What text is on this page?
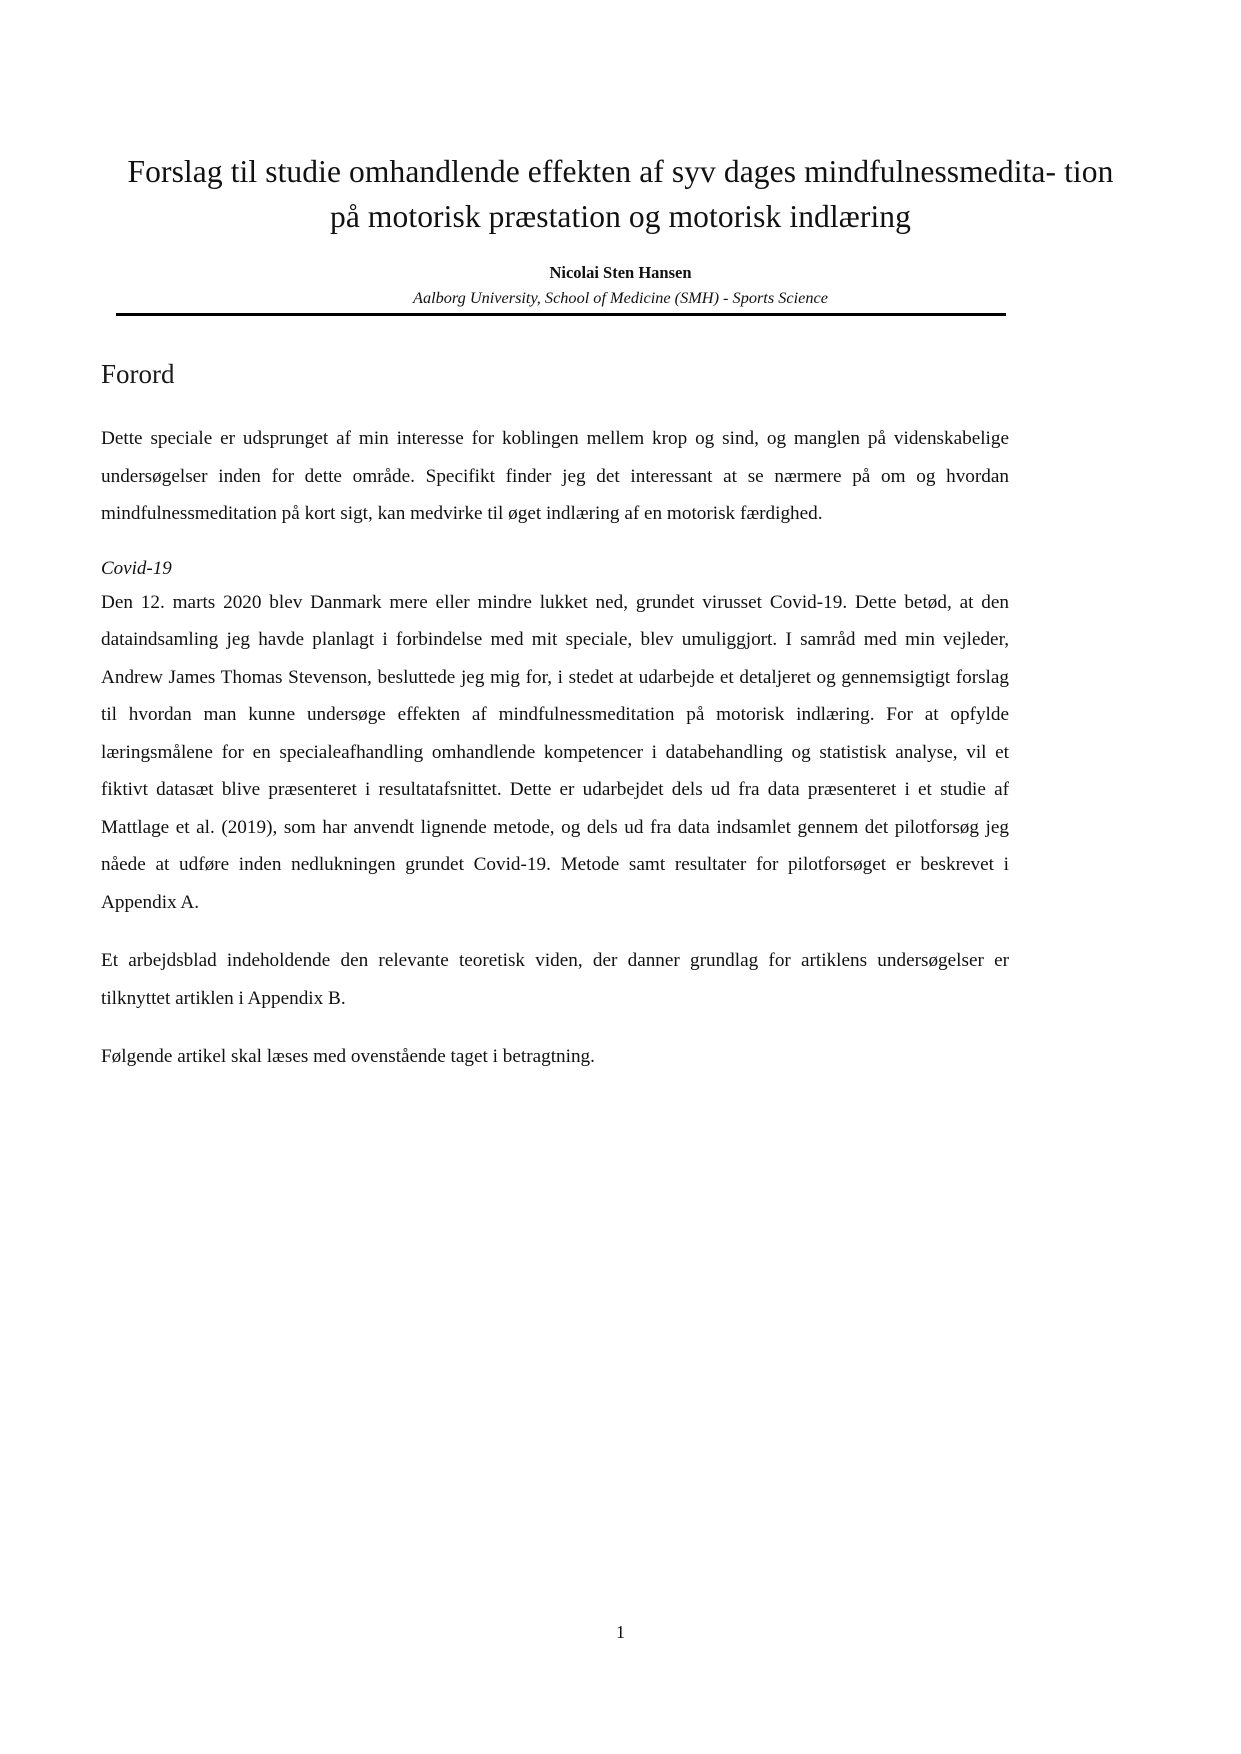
Forslag til studie omhandlende effekten af syv dages mindfulnessmedita- tion på motorisk præstation og motorisk indlæring
Nicolai Sten Hansen
Aalborg University, School of Medicine (SMH) - Sports Science
Forord

Dette speciale er udsprunget af min interesse for koblingen mellem krop og sind, og manglen på videnskabelige undersøgelser inden for dette område. Specifikt finder jeg det interessant at se nærmere på om og hvordan mindfulnessmeditation på kort sigt, kan medvirke til øget indlæring af en motorisk færdighed.

Covid-19

Den 12. marts 2020 blev Danmark mere eller mindre lukket ned, grundet virusset Covid-19. Dette betød, at den dataindsamling jeg havde planlagt i forbindelse med mit speciale, blev umuliggjort. I samråd med min vejleder, Andrew James Thomas Stevenson, besluttede jeg mig for, i stedet at udarbejde et detaljeret og gennemsigtigt forslag til hvordan man kunne undersøge effekten af mindfulnessmeditation på motorisk indlæring. For at opfylde læringsmålene for en specialeafhandling omhandlende kompetencer i databehandling og statistisk analyse, vil et fiktivt datasæt blive præsenteret i resultatafsnittet. Dette er udarbejdet dels ud fra data præsenteret i et studie af Mattlage et al. (2019), som har anvendt lignende metode, og dels ud fra data indsamlet gennem det pilotforsøg jeg nåede at udføre inden nedlukningen grundet Covid-19. Metode samt resultater for pilotforsøget er beskrevet i Appendix A.

Et arbejdsblad indeholdende den relevante teoretisk viden, der danner grundlag for artiklens undersøgelser er tilknyttet artiklen i Appendix B.

Følgende artikel skal læses med ovenstående taget i betragtning.

1
